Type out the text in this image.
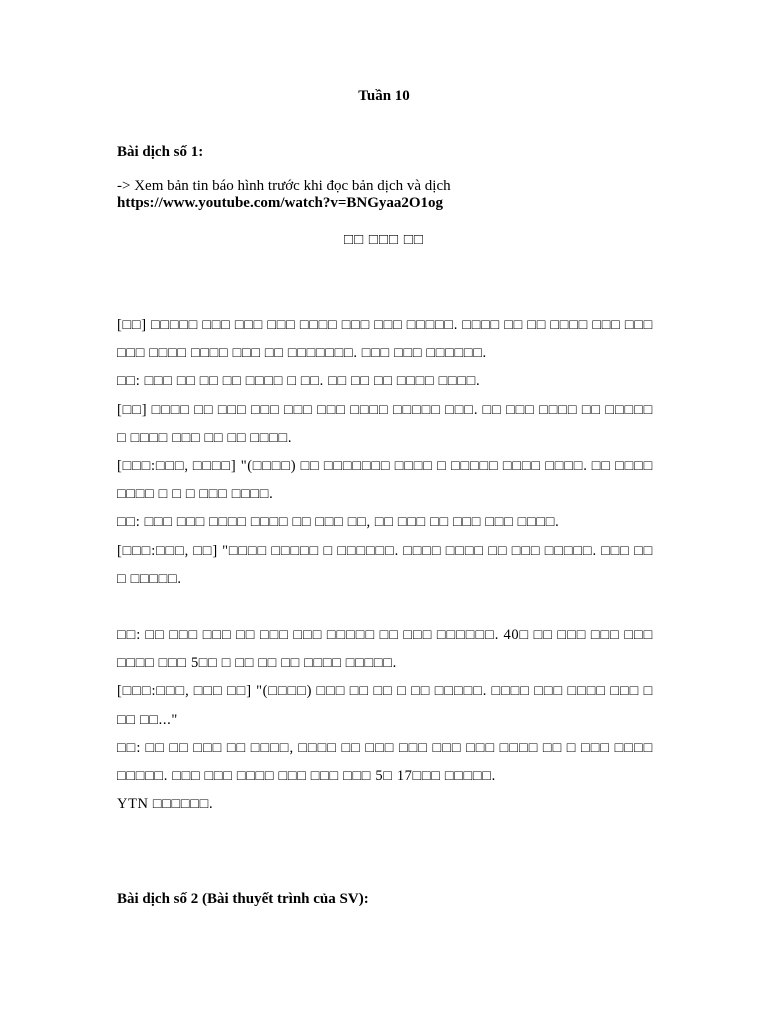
Tuần 10
Bài dịch số 1:
-> Xem bản tin báo hình trước khi đọc bản dịch và dịch
https://www.youtube.com/watch?v=BNGyaa2O1og
□□ □□□ □□

[□□] □□□□□ □□□ □□□ □□□ □□□□ □□□ □□□ □□□□□. □□□□ □□ □□ □□□□ □□□ □□□ □□□ □□□□ □□□□ □□□ □□ □□□□□□□. □□□ □□□ □□□□□□.

□□: □□□ □□ □□ □□ □□□□ □ □□. □□ □□ □□ □□□□ □□□□.

[□□] □□□□ □□ □□□ □□□ □□□ □□□ □□□□ □□□□□ □□□. □□ □□□ □□□□ □□ □□□□□ □ □□□□ □□□ □□ □□ □□□□.

[□□□:□□□, □□□□] "(□□□□) □□ □□□□□□□ □□□□ □ □□□□□ □□□□ □□□□. □□ □□□□ □□□□ □ □ □ □□□ □□□□.

□□: □□□ □□□ □□□□ □□□□ □□ □□□ □□, □□ □□□ □□ □□□ □□□ □□□□.

[□□□:□□□, □□] "□□□□ □□□□□ □ □□□□□□. □□□□ □□□□ □□ □□□ □□□□□. □□□ □□ □ □□□□□.

□□: □□ □□□ □□□ □□ □□□ □□□ □□□□□ □□ □□□ □□□□□□. 40□ □□ □□□ □□□ □□□ □□□□ □□□ 5□□ □ □□ □□ □□ □□□□ □□□□□.

[□□□:□□□, □□□ □□] "(□□□□) □□□ □□ □□ □ □□ □□□□□. □□□□ □□□ □□□□ □□□ □ □□ □□..."

□□: □□ □□ □□□ □□ □□□□, □□□□ □□ □□□ □□□ □□□ □□□ □□□□ □□ □ □□□ □□□□ □□□□□. □□□ □□□ □□□□ □□□ □□□ □□□ 5□ 17□□□ □□□□□.

YTN □□□□□□.

Bài dịch số 2 (Bài thuyết trình của SV):
